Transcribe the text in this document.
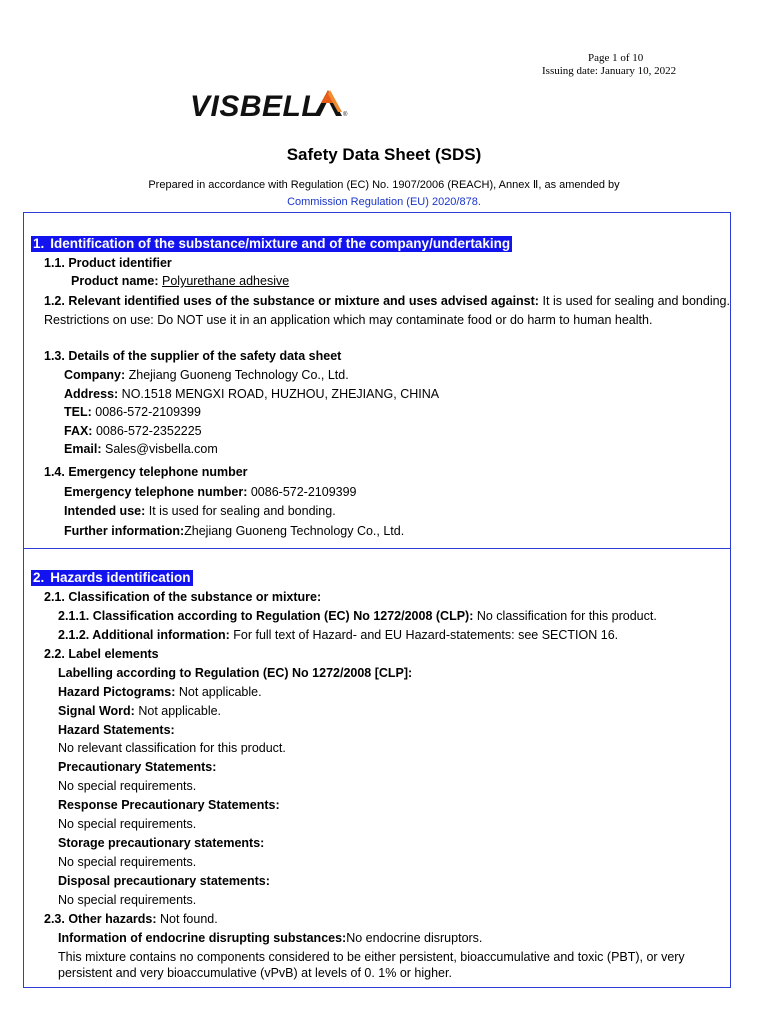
Page 1 of 10
Issuing date: January 10, 2022
VISBELL	®
Safety Data Sheet (SDS)
Prepared in accordance with Regulation (EC) No. 1907/2006 (REACH), Annex Ⅱ, as amended by
Commission Regulation (EU) 2020/878.
1. Identification of the substance/mixture and of the company/undertaking
1.1. Product identifier
Product name: Polyurethane adhesive
1.2. Relevant identified uses of the substance or mixture and uses advised against: It is used for sealing and bonding. Restrictions on use: Do NOT use it in an application which may contaminate food or do harm to human health.
1.3. Details of the supplier of the safety data sheet
Company: Zhejiang Guoneng Technology Co., Ltd.
Address: NO.1518 MENGXI ROAD, HUZHOU, ZHEJIANG, CHINA
TEL: 0086-572-2109399
FAX: 0086-572-2352225
Email: Sales@visbella.com
1.4. Emergency telephone number
Emergency telephone number: 0086-572-2109399
Intended use: It is used for sealing and bonding.
Further information:Zhejiang Guoneng Technology Co., Ltd.
2. Hazards identification
2.1. Classification of the substance or mixture:
2.1.1. Classification according to Regulation (EC) No 1272/2008 (CLP): No classification for this product.
2.1.2. Additional information: For full text of Hazard- and EU Hazard-statements: see SECTION 16.
2.2. Label elements
Labelling according to Regulation (EC) No 1272/2008 [CLP]:
Hazard Pictograms: Not applicable.
Signal Word: Not applicable.
Hazard Statements:
No relevant classification for this product.
Precautionary Statements:
No special requirements.
Response Precautionary Statements:
No special requirements.
Storage precautionary statements:
No special requirements.
Disposal precautionary statements:
No special requirements.
2.3. Other hazards: Not found.
Information of endocrine disrupting substances:No endocrine disruptors.
This mixture contains no components considered to be either persistent, bioaccumulative and toxic (PBT), or very persistent and very bioaccumulative (vPvB) at levels of 0. 1% or higher.
